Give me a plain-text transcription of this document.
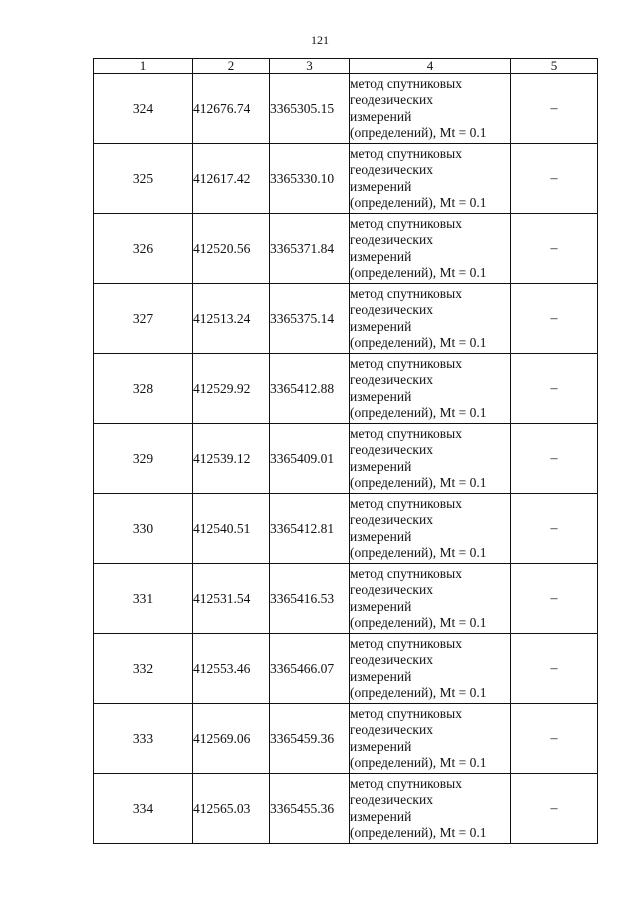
121
1	2	3	4	5
324	412676.74	3365305.15	метод спутниковых
геодезических
измерений
(определений), Mt = 0.1	–
325	412617.42	3365330.10	метод спутниковых
геодезических
измерений
(определений), Mt = 0.1	–
326	412520.56	3365371.84	метод спутниковых
геодезических
измерений
(определений), Mt = 0.1	–
327	412513.24	3365375.14	метод спутниковых
геодезических
измерений
(определений), Mt = 0.1	–
328	412529.92	3365412.88	метод спутниковых
геодезических
измерений
(определений), Mt = 0.1	–
329	412539.12	3365409.01	метод спутниковых
геодезических
измерений
(определений), Mt = 0.1	–
330	412540.51	3365412.81	метод спутниковых
геодезических
измерений
(определений), Mt = 0.1	–
331	412531.54	3365416.53	метод спутниковых
геодезических
измерений
(определений), Mt = 0.1	–
332	412553.46	3365466.07	метод спутниковых
геодезических
измерений
(определений), Mt = 0.1	–
333	412569.06	3365459.36	метод спутниковых
геодезических
измерений
(определений), Mt = 0.1	–
334	412565.03	3365455.36	метод спутниковых
геодезических
измерений
(определений), Mt = 0.1	–
